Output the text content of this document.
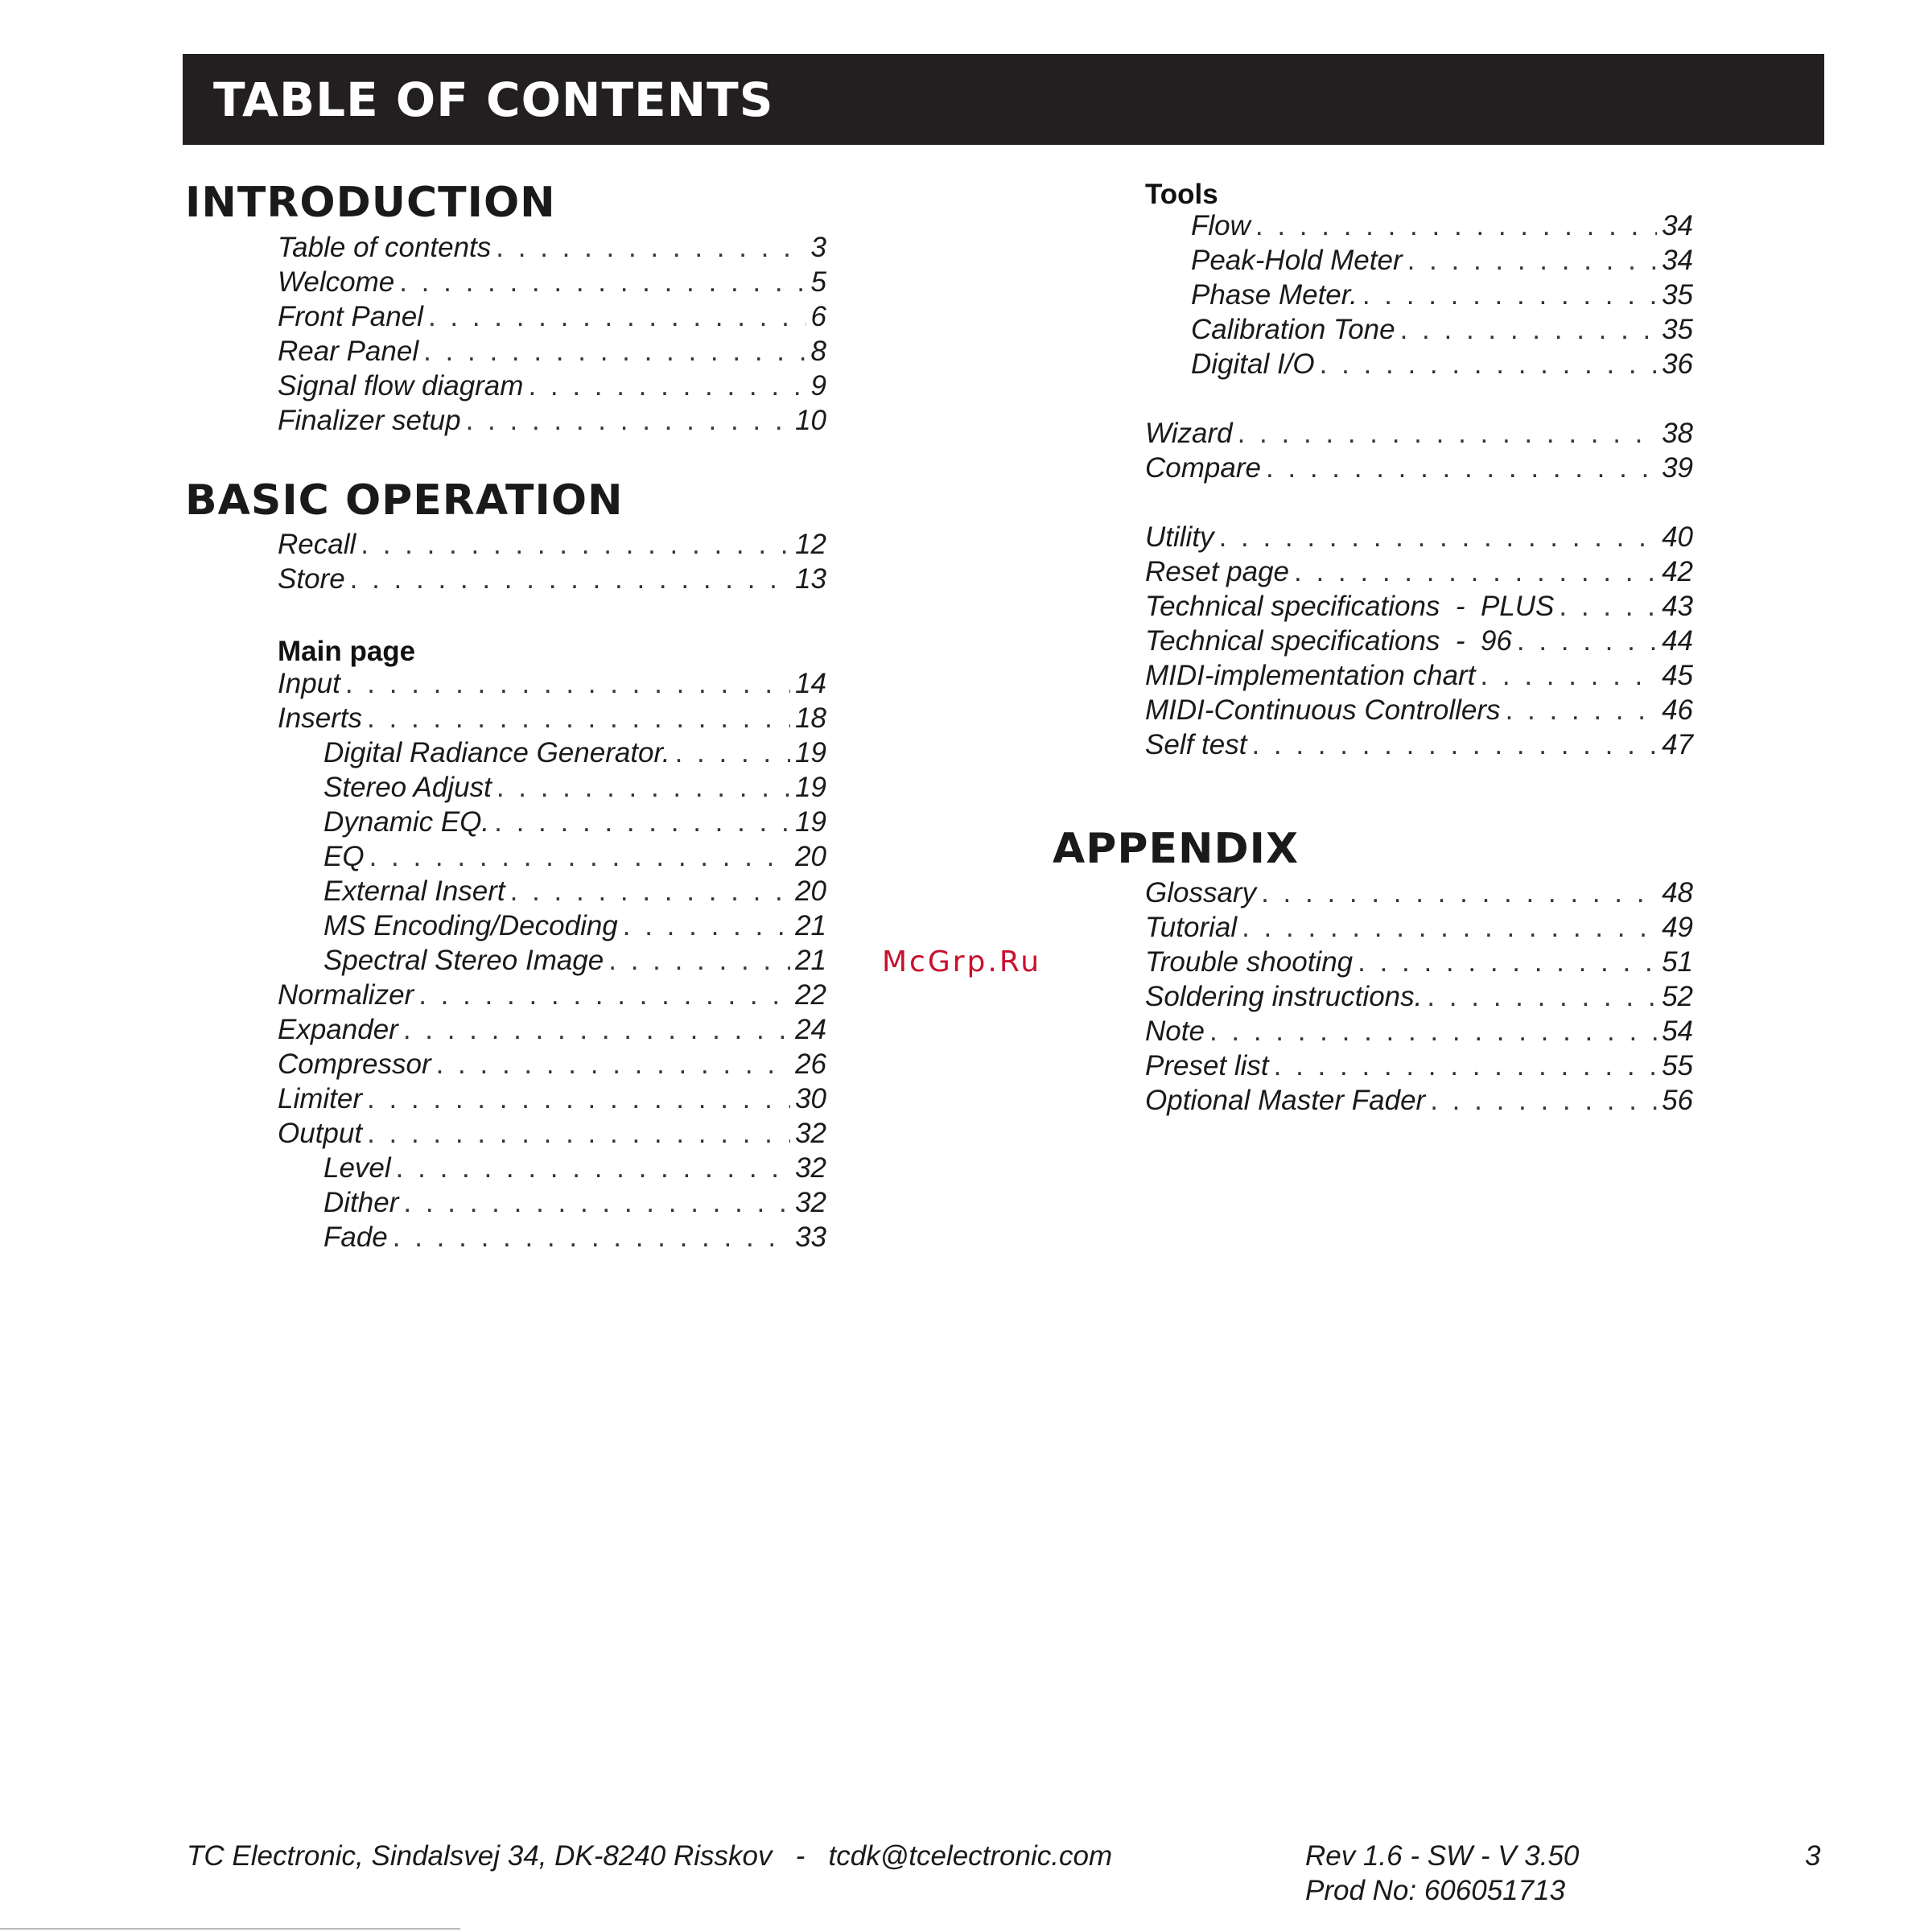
TABLE OF CONTENTS
INTRODUCTION
Table of contents . . .	3
Welcome . . .	5
Front Panel . . .	6
Rear Panel . . .	8
Signal flow diagram . . .	9
Finalizer setup . . .	10
BASIC OPERATION
Recall . . .	12
Store . . .	13
Main page
Input . . .	14
Inserts . . .	18
Digital Radiance Generator. . . .	19
Stereo Adjust . . .	19
Dynamic EQ. . . .	19
EQ . . .	20
External Insert . . .	20
MS Encoding/Decoding . . .	21
Spectral Stereo Image . . .	21
Normalizer . . .	22
Expander . . .	24
Compressor . . .	26
Limiter . . .	30
Output . . .	32
Level . . .	32
Dither . . .	32
Fade . . .	33
Tools
Flow . . .	34
Peak-Hold Meter . . .	34
Phase Meter. . . .	35
Calibration Tone . . .	35
Digital I/O . . .	36
Wizard . . .	38
Compare . . .	39
Utility . . .	40
Reset page . . .	42
Technical specifications  -  PLUS . . .	43
Technical specifications  -  96 . . .	44
MIDI-implementation chart . . .	45
MIDI-Continuous Controllers . . .	46
Self test . . .	47
APPENDIX
Glossary . . .	48
Tutorial . . .	49
Trouble shooting . . .	51
Soldering instructions. . . .	52
Note . . .	54
Preset list . . .	55
Optional Master Fader . . .	56
McGrp.Ru
TC Electronic, Sindalsvej 34, DK-8240 Risskov   -   tcdk@tcelectronic.com	Rev 1.6 - SW - V 3.50
Prod No: 606051713
3
